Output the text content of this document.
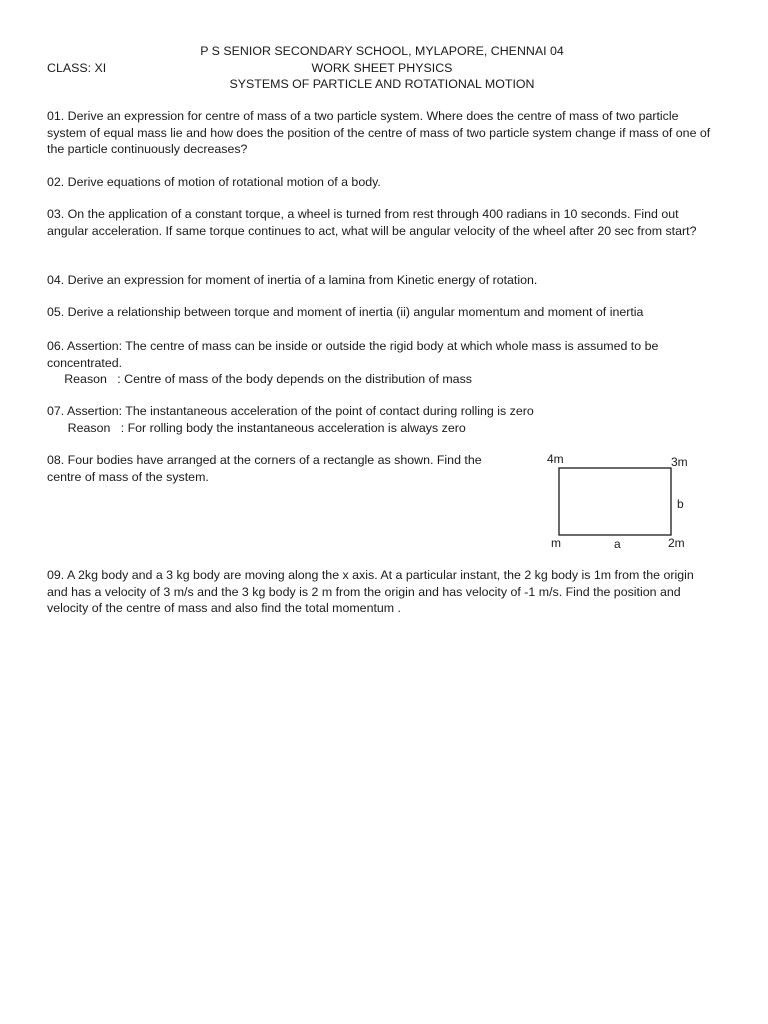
P S SENIOR SECONDARY SCHOOL, MYLAPORE, CHENNAI 04
WORK SHEET PHYSICS
SYSTEMS OF PARTICLE AND ROTATIONAL MOTION
CLASS: XI

01. Derive an expression for centre of mass of a two particle system. Where does the centre of mass of two particle system of equal mass lie and how does the position of the centre of mass of two particle system change if mass of one of the particle continuously decreases?

02. Derive equations of motion of rotational motion of a body.

03. On the application of a constant torque, a wheel is turned from rest through 400 radians in 10 seconds. Find out angular acceleration. If same torque continues to act, what will be angular velocity of the wheel after 20 sec from start?

04. Derive an expression for moment of inertia of a lamina from Kinetic energy of rotation.

05. Derive a relationship between torque and moment of inertia (ii) angular momentum and moment of inertia

06. Assertion: The centre of mass can be inside or outside the rigid body at which whole mass is assumed to be concentrated.

Reason   : Centre of mass of the body depends on the distribution of mass

07. Assertion: The instantaneous acceleration of the point of contact during rolling is zero

Reason   : For rolling body the instantaneous acceleration is always zero

08. Four bodies have arranged at the corners of a rectangle as shown. Find the centre of mass of the system.

4m	3m
b
m	a	2m

09. A 2kg body and a 3 kg body are moving along the x axis. At a particular instant, the 2 kg body is 1m from the origin and has a velocity of 3 m/s and the 3 kg body is 2 m from the origin and has velocity of -1 m/s. Find the position and velocity of the centre of mass and also find the total momentum .
